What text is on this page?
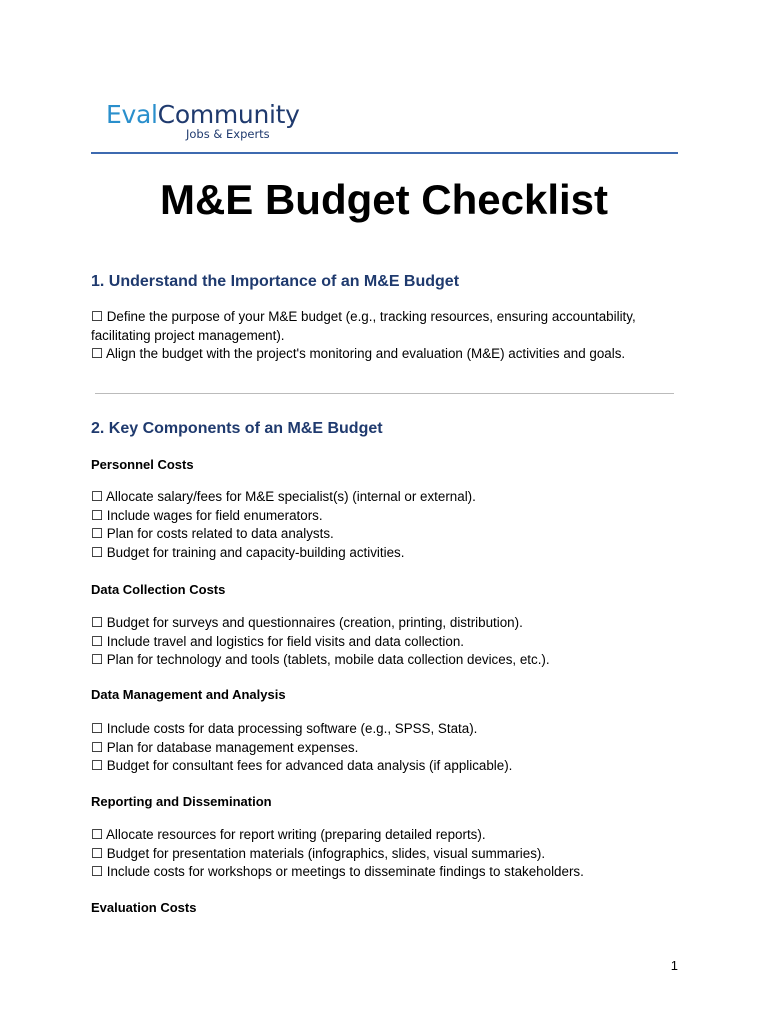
EvalCommunity
Jobs & Experts
M&E Budget Checklist
1. Understand the Importance of an M&E Budget
☐ Define the purpose of your M&E budget (e.g., tracking resources, ensuring accountability, facilitating project management).
☐ Align the budget with the project's monitoring and evaluation (M&E) activities and goals.
2. Key Components of an M&E Budget
Personnel Costs
☐ Allocate salary/fees for M&E specialist(s) (internal or external).
☐ Include wages for field enumerators.
☐ Plan for costs related to data analysts.
☐ Budget for training and capacity-building activities.
Data Collection Costs
☐ Budget for surveys and questionnaires (creation, printing, distribution).
☐ Include travel and logistics for field visits and data collection.
☐ Plan for technology and tools (tablets, mobile data collection devices, etc.).
Data Management and Analysis
☐ Include costs for data processing software (e.g., SPSS, Stata).
☐ Plan for database management expenses.
☐ Budget for consultant fees for advanced data analysis (if applicable).
Reporting and Dissemination
☐ Allocate resources for report writing (preparing detailed reports).
☐ Budget for presentation materials (infographics, slides, visual summaries).
☐ Include costs for workshops or meetings to disseminate findings to stakeholders.
Evaluation Costs
1
